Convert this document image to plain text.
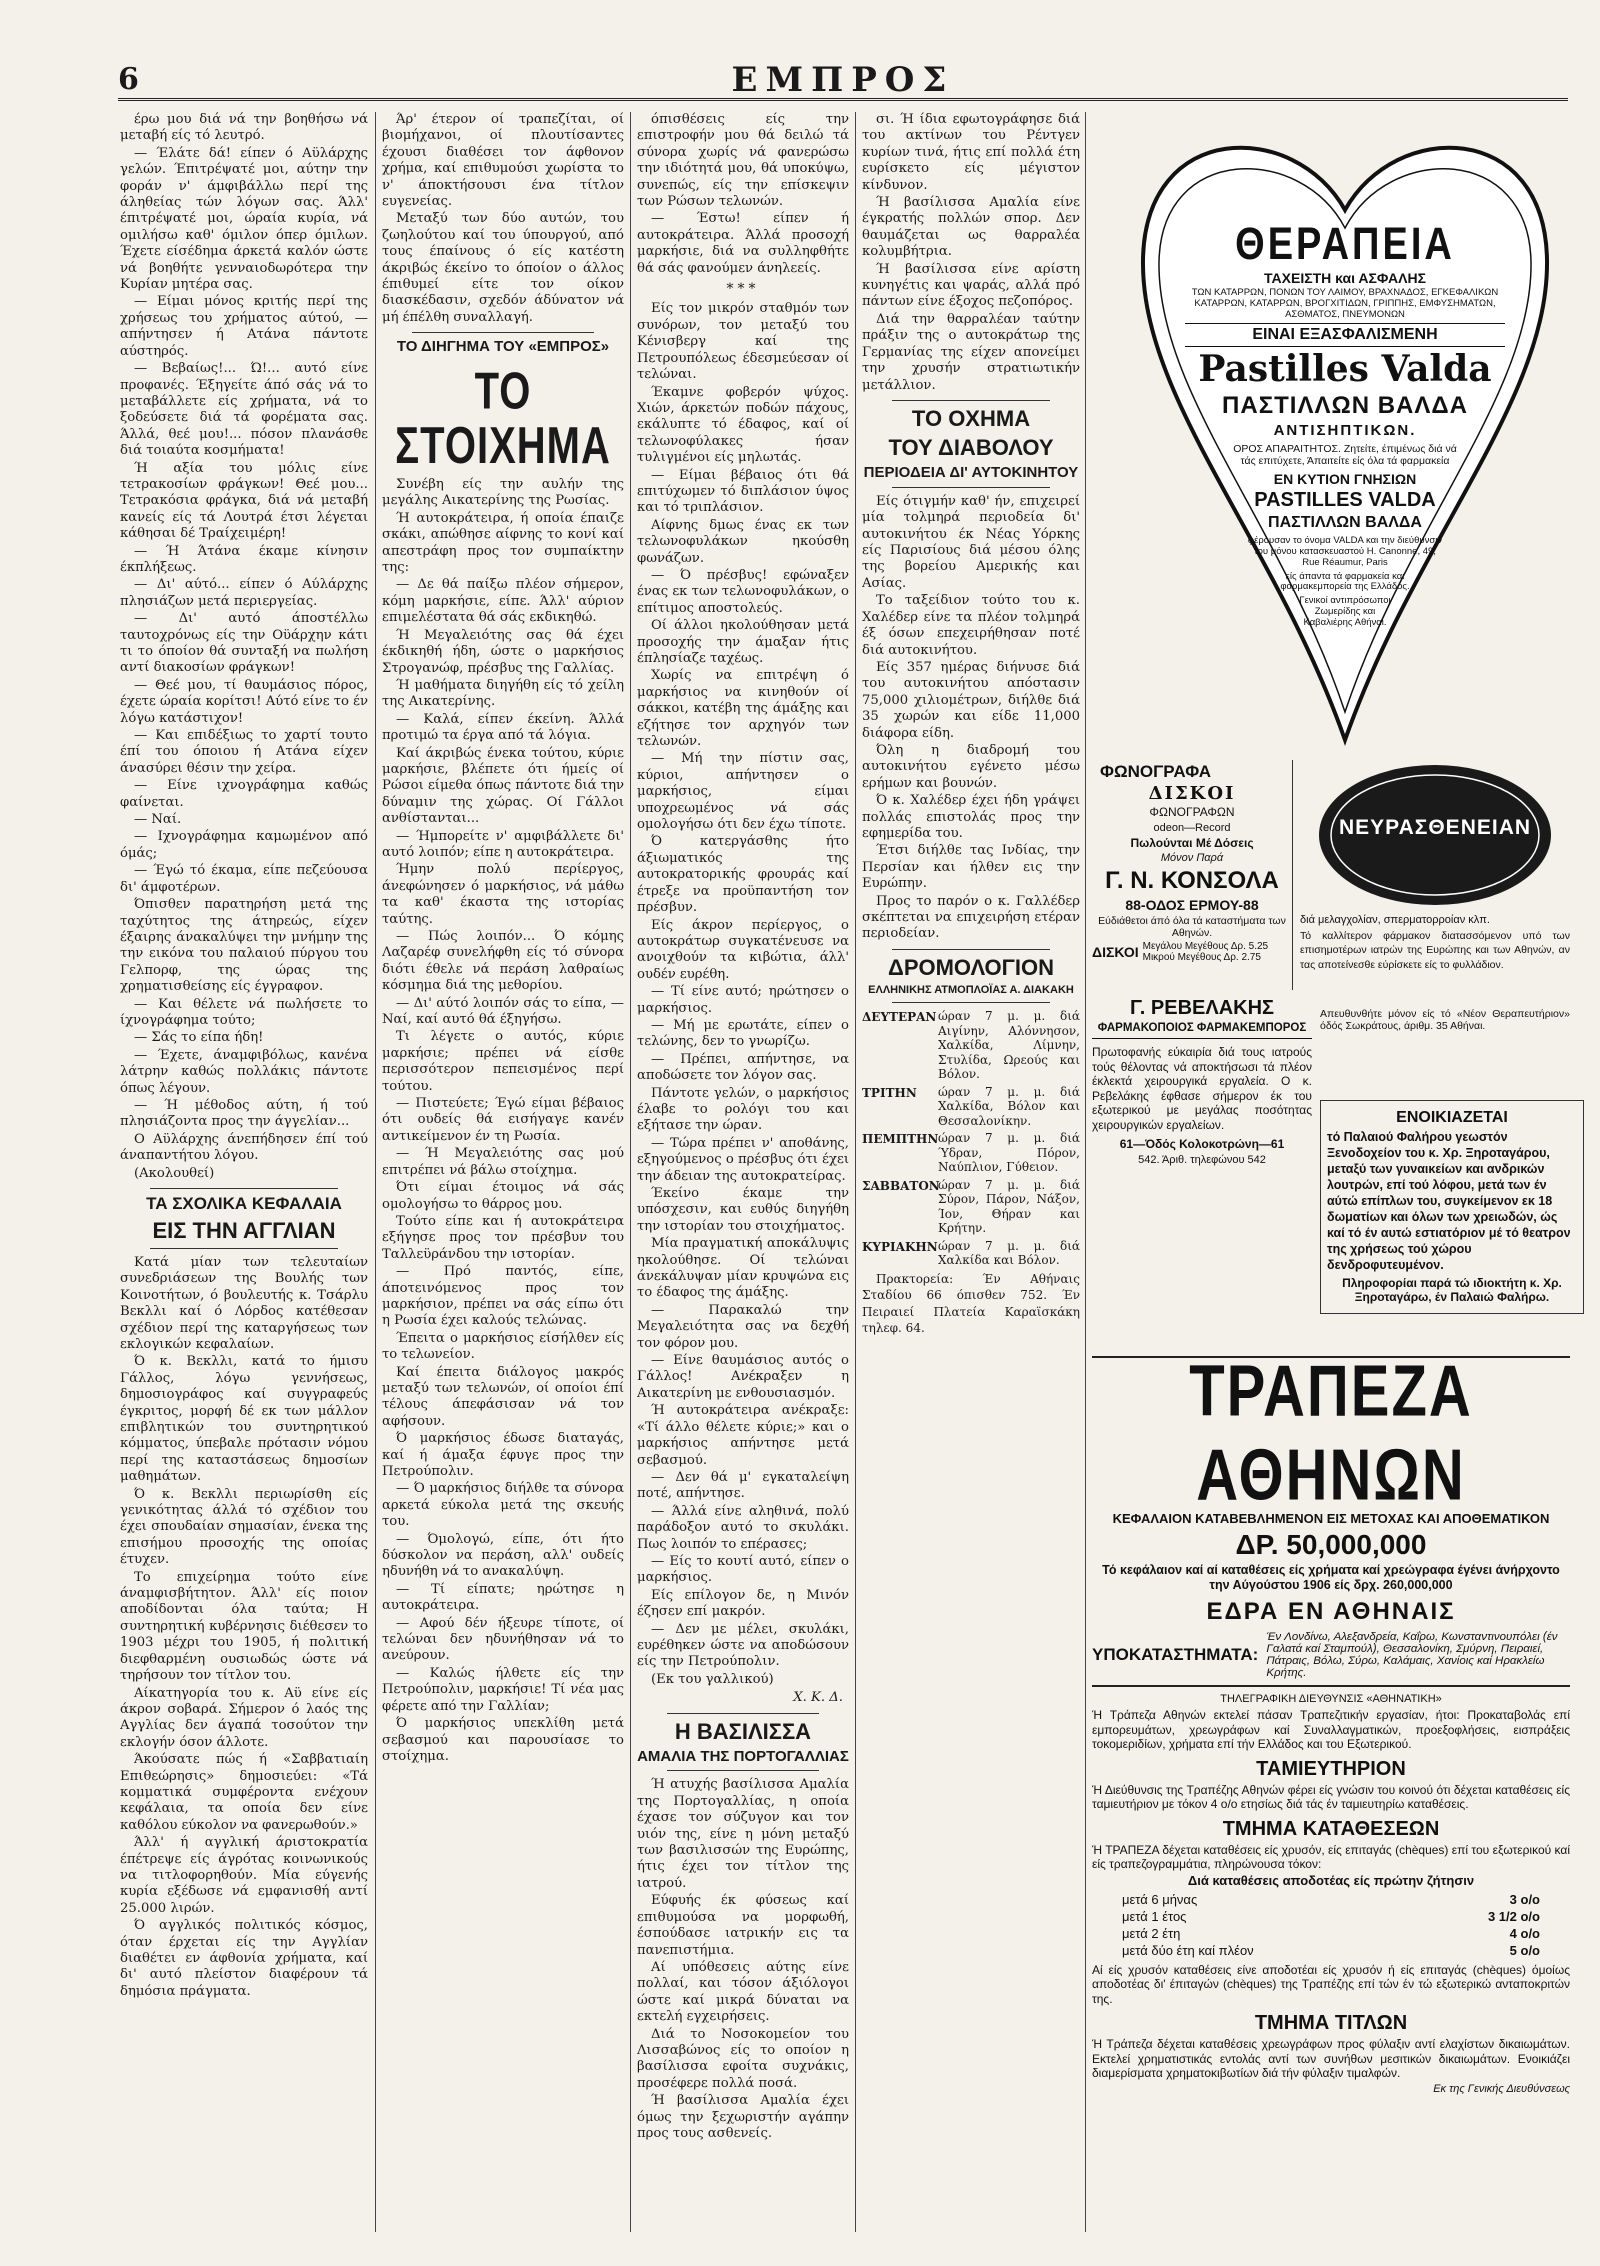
6	ΕΜΠΡΟΣ

έρω μου διά νά την βοηθήσω νά μεταβή είς τό λευτρό.

— Έλάτε δά! είπεν ό Αϋλάρχης γελών. Έπιτρέψατέ μοι, αύτην την φοράν ν' άμφιβάλλω περί της άληθείας τών λόγων σας. Άλλ' έπιτρέψατέ μοι, ώραία κυρία, νά ομιλήσω καθ' όμιλον όπερ όμιλων. Έχετε είσέδημα άρκετά καλόν ώστε νά βοηθήτε γενναιοδωρότερα την Κυρίαν μητέρα σας.

— Είμαι μόνος κριτής περί της χρήσεως του χρήματος αύτού, — απήντησεν ή Ατάνα πάντοτε αύστηρός.

— Βεβαίως!... Ώ!... αυτό είνε προφανές. Έξηγείτε άπό σάς νά το μεταβάλλετε είς χρήματα, νά το ξοδεύσετε διά τά φορέματα σας. Άλλά, θεέ μου!... πόσον πλανάσθε διά τοιαύτα κοσμήματα!

Ή αξία του μόλις είνε τετρακοσίων φράγκων! Θεέ μου... Τετρακόσια φράγκα, διά νά μεταβή κανείς είς τά Λουτρά έτσι λέγεται κάθησαι δέ Τραίχειμέρη!

— Ή Άτάνα έκαμε κίνησιν έκπλήξεως.

— Δι' αύτό... είπεν ό Αύλάρχης πλησιάζων μετά περιεργείας.

— Δι' αυτό άποστέλλω ταυτοχρόνως είς την Οϋάρχην κάτι τι το όποίον θά συνταξή να πωλήση αντί διακοσίων φράγκων!

— Θεέ μου, τί θαυμάσιος πόρος, έχετε ώραία κορίτσι! Αύτό είνε το έν λόγω κατάστιχον!

— Και επιδέξιως το χαρτί τουτο έπί του όποιου ή Ατάνα είχεν άνασύρει θέσιν την χείρα.

— Είνε ιχνογράφημα καθώς φαίνεται.

— Ναί.

— Ιχνογράφημα καμωμένον από όμάς;

— Έγώ τό έκαμα, είπε πεζεύουσα δι' άμφοτέρων.

Όπισθεν παρατηρήση μετά της ταχύτητος της άτηρεώς, είχεν έξαιρης άνακαλύψει την μνήμην της την εικόνα του παλαιού πύργου του Γελπορφ, της ώρας της χρηματισθείσης είς έγγραφον.

— Και θέλετε νά πωλήσετε το ίχνογράφημα τούτο;

— Σάς το είπα ήδη!

— Έχετε, άναμφιβόλως, κανένα λάτρην καθώς πολλάκις πάντοτε όπως λέγουν.

— Ή μέθοδος αύτη, ή τού πλησιάζοντα προς την άγγελίαν...

Ο Αϋλάρχης άνεπήδησεν έπί τού άναπαντήτου λόγου.

(Ακολουθεί)

ΤΑ ΣΧΟΛΙΚΑ ΚΕΦΑΛΑΙΑ
ΕΙΣ ΤΗΝ ΑΓΓΛΙΑΝ

Κατά μίαν των τελευταίων συνεδριάσεων της Βουλής των Κοινοτήτων, ό βουλευτής κ. Τσάρλυ Βεκλλι καί ό Λόρδος κατέθεσαν σχέδιον περί της καταργήσεως των εκλογικών κεφαλαίων.

Ό κ. Βεκλλι, κατά το ήμισυ Γάλλος, λόγω γεννήσεως, δημοσιογράφος καί συγγραφεύς έγκριτος, μορφή δέ εκ των μάλλον επιβλητικών του συντηρητικού κόμματος, ύπεβαλε πρότασιν νόμου περί της καταστάσεως δημοσίων μαθημάτων.

Ό κ. Βεκλλι περιωρίσθη είς γενικότητας άλλά τό σχέδιον του έχει σπουδαίαν σημασίαν, ένεκα της επισήμου προσοχής της οποίας έτυχεν.

Το επιχείρημα τούτο είνε άναμφισβήτητον. Άλλ' είς ποιον αποδίδονται όλα ταύτα; Η συντηρητική κυβέρνησις διέθεσεν το 1903 μέχρι του 1905, ή πολιτική διεφθαρμένη ουσιωδώς ώστε νά τηρήσουν τον τίτλον του.

Αίκατηγορία του κ. Αϋ είνε είς άκρον σοβαρά. Σήμερον ό λαός της Αγγλίας δεν άγαπά τοσούτον την εκλογήν όσον άλλοτε.

Άκούσατε πώς ή «Σαββατιαίη Επιθεώρησις» δημοσιεύει: «Τά κομματικά συμφέροντα ενέχουν κεφάλαια, τα οποία δεν είνε καθόλου εύκολον να φανερωθούν.»

Άλλ' ή αγγλική άριστοκρατία έπέτρεψε είς άγρότας κοινωνικούς να τιτλοφορηθούν. Μία εύγενής κυρία εξέδωσε νά εμφανισθή αντί 25.000 λιρών.

Ό αγγλικός πολιτικός κόσμος, όταν έρχεται είς την Αγγλίαν διαθέτει εν άφθονία χρήματα, καί δι' αυτό πλείστον διαφέρουν τά δημόσια πράγματα.

Άρ' έτερον οί τραπεζίται, οί βιομήχανοι, οί πλουτίσαντες έχουσι διαθέσει τον άφθονον χρήμα, καί επιθυμούσι χωρίστα το ν' άποκτήσουσι ένα τίτλον ευγενείας.

Μεταξύ των δύο αυτών, του ζωηλούτου καί του ύπουργού, από τους έπαίνους ό είς κατέστη άκριβώς έκείνο το όποίον ο άλλος έπιθυμεί είτε τον οίκον διασκέδασιν, σχεδόν άδύνατον νά μή έπέλθη συναλλαγή.

ΤΟ ΔΙΗΓΗΜΑ ΤΟΥ «ΕΜΠΡΟΣ»
ΤΟ ΣΤΟΙΧΗΜΑ

Συνέβη είς την αυλήν της μεγάλης Αικατερίνης της Ρωσίας.

Ή αυτοκράτειρα, ή οποία έπαιζε σκάκι, απώθησε αίφνης το κονί καί απεστράφη προς τον συμπαίκτην της:

— Δε θά παίξω πλέον σήμερον, κόμη μαρκήσιε, είπε. Άλλ' αύριον επιμελέστατα θά σάς εκδικηθώ.

Ή Μεγαλειότης σας θά έχει έκδικηθή ήδη, ώστε ο μαρκήσιος Στρογανώφ, πρέσβυς της Γαλλίας.

Ή μαθήματα διηγήθη είς τό χείλη της Αικατερίνης.

— Καλά, είπεν έκείνη. Άλλά προτιμώ τα έργα από τά λόγια.

Καί άκριβώς ένεκα τούτου, κύριε μαρκήσιε, βλέπετε ότι ήμείς οί Ρώσοι είμεθα όπως πάντοτε διά την δύναμιν της χώρας. Οί Γάλλοι ανθίστανται...

— Ήμπορείτε ν' αμφιβάλλετε δι' αυτό λοιπόν; είπε η αυτοκράτειρα.

Ήμην πολύ περίεργος, άνεφώνησεν ό μαρκήσιος, νά μάθω τα καθ' έκαστα της ιστορίας ταύτης.

— Πώς λοιπόν... Ό κόμης Λαζαρέφ συνελήφθη είς τό σύνορα διότι έθελε νά περάση λαθραίως κόσμημα διά της μεθορίου.

— Δι' αύτό λοιπόν σάς το είπα, — Ναί, καί αυτό θά έξηγήσω.

Τι λέγετε ο αυτός, κύριε μαρκήσιε; πρέπει νά είσθε περισσότερον πεπεισμένος περί τούτου.

— Πιστεύετε; Έγώ είμαι βέβαιος ότι ουδείς θά εισήγαγε κανέν αντικείμενον έν τη Ρωσία.

— Ή Μεγαλειότης σας μού επιτρέπει νά βάλω στοίχημα.

Ότι είμαι έτοιμος νά σάς ομολογήσω το θάρρος μου.

Τούτο είπε και ή αυτοκράτειρα εξήγησε προς τον πρέσβυν του Ταλλεϋράνδου την ιστορίαν.

— Πρό παντός, είπε, άποτεινόμενος προς τον μαρκήσιον, πρέπει να σάς είπω ότι η Ρωσία έχει καλούς τελώνας.

Έπειτα ο μαρκήσιος είσήλθεν είς το τελωνείον.

Καί έπειτα διάλογος μακρός μεταξύ των τελωνών, οί οποίοι έπί τέλους άπεφάσισαν νά τον αφήσουν.

Ό μαρκήσιος έδωσε διαταγάς, καί ή άμαξα έφυγε προς την Πετρούπολιν.

— Ό μαρκήσιος διήλθε τα σύνορα αρκετά εύκολα μετά της σκευής του.

— Όμολογώ, είπε, ότι ήτο δύσκολον να περάση, αλλ' ουδείς ηδυνήθη νά το ανακαλύψη.

— Τί είπατε; ηρώτησε η αυτοκράτειρα.

— Αφού δέν ήξευρε τίποτε, οί τελώναι δεν ηδυνήθησαν νά το ανεύρουν.

— Καλώς ήλθετε είς την Πετρούπολιν, μαρκήσιε! Τί νέα μας φέρετε από την Γαλλίαν;

Ό μαρκήσιος υπεκλίθη μετά σεβασμού και παρουσίασε το στοίχημα.

όπισθέσεις είς την επιστροφήν μου θά δειλώ τά σύνορα χωρίς νά φανερώσω την ιδιότητά μου, θά υποκύψω, συνεπώς, είς την επίσκεψιν των Ρώσων τελωνών.

— Έστω! είπεν ή αυτοκράτειρα. Άλλά προσοχή μαρκήσιε, διά να συλληφθήτε θά σάς φανούμεν άνηλεείς.

***

Είς τον μικρόν σταθμόν των συνόρων, τον μεταξύ του Κένισβεργ καί της Πετρουπόλεως έδεσμεύεσαν οί τελώναι.

Έκαμνε φοβερόν ψύχος. Χιών, άρκετών ποδών πάχους, εκάλυπτε τό έδαφος, καί οί τελωνοφύλακες ήσαν τυλιγμένοι είς μηλωτάς.

— Είμαι βέβαιος ότι θά επιτύχωμεν τό διπλάσιον ύψος και τό τριπλάσιον.

Αίφνης δμως ένας εκ των τελωνοφυλάκων ηκούσθη φωνάζων.

— Ό πρέσβυς! εφώναξεν ένας εκ των τελωνοφυλάκων, ο επίτιμος αποστολεύς.

Οί άλλοι ηκολούθησαν μετά προσοχής την άμαξαν ήτις έπλησίαζε ταχέως.

Χωρίς να επιτρέψη ό μαρκήσιος να κινηθούν οί σάκκοι, κατέβη της άμάξης και εζήτησε τον αρχηγόν των τελωνών.

— Μή την πίστιν σας, κύριοι, απήντησεν ο μαρκήσιος, είμαι υποχρεωμένος νά σάς ομολογήσω ότι δεν έχω τίποτε.

Ό κατεργάσθης ήτο άξιωματικός της αυτοκρατορικής φρουράς καί έτρεξε να προϋπαντήση τον πρέσβυν.

Είς άκρον περίεργος, ο αυτοκράτωρ συγκατένευσε να ανοιχθούν τα κιβώτια, άλλ' ουδέν ευρέθη.

— Τί είνε αυτό; ηρώτησεν ο μαρκήσιος.

— Μή με ερωτάτε, είπεν ο τελώνης, δεν το γνωρίζω.

— Πρέπει, απήντησε, να αποδώσετε τον λόγον σας.

Πάντοτε γελών, ο μαρκήσιος έλαβε το ρολόγι του και εξήτασε την ώραν.

— Τώρα πρέπει ν' αποθάνης, εξηγούμενος ο πρέσβυς ότι έχει την άδειαν της αυτοκρατείρας.

Έκείνο έκαμε την υπόσχεσιν, και ευθύς διηγήθη την ιστορίαν του στοιχήματος.

Μία πραγματική αποκάλυψις ηκολούθησε. Οί τελώναι άνεκάλυψαν μίαν κρυψώνα εις το έδαφος της άμάξης.

— Παρακαλώ την Μεγαλειότητα σας να δεχθή τον φόρον μου.

— Είνε θαυμάσιος αυτός ο Γάλλος! Ανέκραξεν η Αικατερίνη με ενθουσιασμόν.

Ή αυτοκράτειρα ανέκραξε: «Τί άλλο θέλετε κύριε;» και ο μαρκήσιος απήντησε μετά σεβασμού.

— Δεν θά μ' εγκαταλείψη ποτέ, απήντησε.

— Άλλά είνε αληθινά, πολύ παράδοξον αυτό το σκυλάκι. Πως λοιπόν το επέρασες;

— Είς το κουτί αυτό, είπεν ο μαρκήσιος.

Είς επίλογον δε, η Μινόν έζησεν επί μακρόν.

— Δεν με μέλει, σκυλάκι, ευρέθηκεν ώστε να αποδώσουν είς την Πετρούπολιν.

(Εκ του γαλλικού)

Χ. Κ. Δ.
Η ΒΑΣΙΛΙΣΣΑ
ΑΜΑΛΙΑ ΤΗΣ ΠΟΡΤΟΓΑΛΛΙΑΣ

Ή ατυχής βασίλισσα Αμαλία της Πορτογαλλίας, η οποία έχασε τον σύζυγον και τον υιόν της, είνε η μόνη μεταξύ των βασιλισσών της Ευρώπης, ήτις έχει τον τίτλον της ιατρού.

Εύφυής έκ φύσεως καί επιθυμούσα να μορφωθή, έσπούδασε ιατρικήν εις τα πανεπιστήμια.

Αί υπόθεσεις αύτης είνε πολλαί, και τόσον άξιόλογοι ώστε καί μικρά δύναται να εκτελή εγχειρήσεις.

Διά το Νοσοκομείον του Λισσαβώνος είς το οποίον η βασίλισσα εφοίτα συχνάκις, προσέφερε πολλά ποσά.

Ή βασίλισσα Αμαλία έχει όμως την ξεχωριστήν αγάπην προς τους ασθενείς.

σι. Ή ίδια εφωτογράφησε διά του ακτίνων του Ρέντγεν κυρίων τινά, ήτις επί πολλά έτη ευρίσκετο είς μέγιστον κίνδυνον.

Ή βασίλισσα Αμαλία είνε έγκρατής πολλών σπορ. Δεν θαυμάζεται ως θαρραλέα κολυμβήτρια.

Ή βασίλισσα είνε αρίστη κυνηγέτις και ψαράς, αλλά πρό πάντων είνε έξοχος πεζοπόρος.

Διά την θαρραλέαν ταύτην πράξιν της ο αυτοκράτωρ της Γερμανίας της είχεν απονείμει την χρυσήν στρατιωτικήν μετάλλιον.

ΤΟ ΟΧΗΜΑ
ΤΟΥ ΔΙΑΒΟΛΟΥ
ΠΕΡΙΟΔΕΙΑ ΔΙ' ΑΥΤΟΚΙΝΗΤΟΥ

Είς ότιγμήν καθ' ήν, επιχειρεί μία τολμηρά περιοδεία δι' αυτοκινήτου έκ Νέας Υόρκης είς Παρισίους διά μέσου όλης της βορείου Αμερικής και Ασίας.

Το ταξείδιον τούτο του κ. Χαλέδερ είνε τα πλέον τολμηρά έξ όσων επεχειρήθησαν ποτέ διά αυτοκινήτου.

Είς 357 ημέρας διήνυσε διά του αυτοκινήτου απόστασιν 75,000 χιλιομέτρων, διήλθε διά 35 χωρών και είδε 11,000 διάφορα είδη.

Όλη η διαδρομή του αυτοκινήτου εγένετο μέσω ερήμων και βουνών.

Ό κ. Χαλέδερ έχει ήδη γράψει πολλάς επιστολάς προς την εφημερίδα του.

Έτσι διήλθε τας Ινδίας, την Περσίαν και ήλθεν εις την Ευρώπην.

Προς το παρόν ο κ. Γαλλέδερ σκέπτεται να επιχειρήση ετέραν περιοδείαν.

ΔΡΟΜΟΛΟΓΙΟΝ
ΕΛΛΗΝΙΚΗΣ ΑΤΜΟΠΛΟΪΑΣ Α. ΔΙΑΚΑΚΗ
ΔΕΥΤΕΡΑΝ ώραν 7 μ. μ. διά Αιγίνην, Αλόννησον, Χαλκίδα, Λίμνην, Στυλίδα, Ωρεούς και Βόλον.
ΤΡΙΤΗΝ	ώραν 7 μ. μ. διά Χαλκίδα, Βόλον και Θεσσαλονίκην.
ΠΕΜΠΤΗΝ ώραν 7 μ. μ. διά Ύδραν, Πόρον, Ναύπλιον, Γύθειον.
ΣΑΒΒΑΤΟΝ
ώραν 7 μ. μ. διά Σύρον, Πάρον, Νάξον, Ίον, Θήραν και Κρήτην.
ΚΥΡΙΑΚΗΝ ώραν 7 μ. μ. διά Χαλκίδα και Βόλον.

Πρακτορεία: Έν Αθήναις Σταδίου 66 όπισθεν 752. Έν Πειραιεί Πλατεία Καραϊσκάκη τηλεφ. 64.

ΘΕΡΑΠΕΙΑ
ΤΑΧΕΙΣΤΗ και ΑΣΦΑΛΗΣ
ΤΩΝ ΚΑΤΑΡΡΩΝ, ΠΟΝΩΝ ΤΟΥ ΛΑΙΜΟΥ, ΒΡΑΧΝΑΔΟΣ, ΕΓΚΕΦΑΛΙΚΩΝ ΚΑΤΑΡΡΩΝ, ΚΑΤΑΡΡΩΝ, ΒΡΟΓΧΙΤΙΔΩΝ, ΓΡΙΠΠΗΣ, ΕΜΦΥΣΗΜΑΤΩΝ, ΑΣΘΜΑΤΟΣ, ΠΝΕΥΜΟΝΩΝ
ΕΙΝΑΙ ΕΞΑΣΦΑΛΙΣΜΕΝΗ
Pastilles Valda
ΠΑΣΤΙΛΛΩΝ ΒΑΛΔΑ
ΑΝΤΙΣΗΠΤΙΚΩΝ.
ΟΡΟΣ ΑΠΑΡΑΙΤΗΤΟΣ. Ζητείτε, έπιμένως διά νά τάς επιτύχετε, Άπαιτείτε είς όλα τά φαρμακεία
ΕΝ ΚΥΤΙΟΝ ΓΝΗΣΙΩΝ
PASTILLES VALDA
ΠΑΣΤΙΛΛΩΝ ΒΑΛΔΑ
φέρουσαν το όνομα VALDA και την διεύθυνσιν του μόνου κατασκευαστού H. Canonne, 49, Rue Réaumur, Paris
είς άπαντα τά φαρμακεία και φαρμακεμπορεία της Ελλάδος.
Γενικοί αντιπρόσωποι Ζωμερίδης και Καβαλιέρης Αθήναι.
ΦΩΝΟΓΡΑΦΑ
ΔΙΣΚΟΙ
ΦΩΝΟΓΡΑΦΩΝ
odeon—Record
Πωλούνται Μέ Δόσεις
Μόνον Παρά
Γ. Ν. ΚΟΝΣΟΛΑ
88-ΟΔΟΣ ΕΡΜΟΥ-88
Εύδιάθετοι άπό όλα τά καταστήματα των Αθηνών.
ΔΙΣΚΟΙ Μεγάλου Μεγέθους Δρ. 5.25
Μικρού Μεγέθους Δρ. 2.75
ΝΕΥΡΑΣΘΕΝΕΙΑΝ
διά μελαγχολίαν, σπερματορροίαν κλπ.
Τό καλλίτερον φάρμακον διατασσόμενον υπό των επισημοτέρων ιατρών της Ευρώπης και των Αθηνών, αν τας αποτείνεσθε εύρίσκετε είς το φυλλάδιον.
Απευθυνθήτε μόνον είς τό «Νέον Θεραπευτήριον» όδός Σωκράτους, άριθμ. 35 Αθήναι.
Γ. ΡΕΒΕΛΑΚΗΣ
ΦΑΡΜΑΚΟΠΟΙΟΣ ΦΑΡΜΑΚΕΜΠΟΡΟΣ
Πρωτοφανής εύκαιρία διά τους ιατρούς τούς θέλοντας νά αποκτήσωσι τά πλέον έκλεκτά χειρουργικά εργαλεία. Ο κ. Ρεβελάκης έφθασε σήμερον έκ του εξωτερικού με μεγάλας ποσότητας χειρουργικών εργαλείων.
61—Όδός Κολοκοτρώνη—61
542. Άριθ. τηλεφώνου 542
ΕΝΟΙΚΙΑΖΕΤΑΙ
τό Παλαιού Φαλήρου γεωστόν Ξενοδοχείον του κ. Χρ. Ξηροταγάρου, μεταξύ των γυναικείων και ανδρικών λουτρών, επί τού λόφου, μετά των έν αύτώ επίπλων του, συγκείμενον εκ 18 δωματίων και όλων των χρειωδών, ώς καί τό έν αυτώ εστιατόριον μέ τό θεατρον της χρήσεως τού χώρου δενδροφυτευμένον.
Πληροφορίαι παρά τώ ιδιοκτήτη κ. Χρ. Ξηροταγάρω, έν Παλαιώ Φαλήρω.
ΤΡΑΠΕΖΑ ΑΘΗΝΩΝ
ΚΕΦΑΛΑΙΟΝ ΚΑΤΑΒΕΒΛΗΜΕΝΟΝ ΕΙΣ ΜΕΤΟΧΑΣ ΚΑΙ ΑΠΟΘΕΜΑΤΙΚΟΝ
ΔΡ. 50,000,000
Τό κεφάλαιον καί αί καταθέσεις είς χρήματα καί χρεώγραφα έγένει άνήρχοντο την Αύγούστου 1906 είς δρχ. 260,000,000
ΕΔΡΑ ΕΝ ΑΘΗΝΑΙΣ
ΥΠΟΚΑΤΑΣΤΗΜΑΤΑ:
Έν Λονδίνω, Αλεξανδρεία, Καΐρω, Κωνσταντινουπόλει (έν Γαλατά καί Σταμπούλ), Θεσσαλονίκη, Σμύρνη, Πειραιεί, Πάτραις, Βόλω, Σύρω, Καλάμαις, Χανίοις καί Ηρακλείω Κρήτης.
ΤΗΛΕΓΡΑΦΙΚΗ ΔΙΕΥΘΥΝΣΙΣ «ΑΘΗΝΑΤΙΚΗ»
Ή Τράπεζα Αθηνών εκτελεί πάσαν Τραπεζιτικήν εργασίαν, ήτοι: Προκαταβολάς επί εμπορευμάτων, χρεωγράφων καί Συναλλαγματικών, προεξοφλήσεις, εισπράξεις τοκομεριδίων, χρήματα επί τήν Ελλάδος και του Εξωτερικού.
ΤΑΜΙΕΥΤΗΡΙΟΝ
Ή Διεύθυνσις της Τραπέζης Αθηνών φέρει είς γνώσιν του κοινού ότι δέχεται καταθέσεις είς ταμιευτήριον με τόκον 4 ο/ο ετησίως διά τάς έν ταμιευτηρίω καταθέσεις.
ΤΜΗΜΑ ΚΑΤΑΘΕΣΕΩΝ
Ή ΤΡΑΠΕΖΑ δέχεται καταθέσεις είς χρυσόν, είς επιταγάς (chèques) επί του εξωτερικού καί είς τραπεζογραμμάτια, πληρώνουσα τόκον:
Διά καταθέσεις αποδοτέας είς πρώτην ζήτησιν
μετά 6 μήνας	3 ο/ο
μετά 1 έτος	3 1/2 ο/ο
μετά 2 έτη	4 ο/ο
μετά δύο έτη καί πλέον	5 ο/ο
Αί είς χρυσόν καταθέσεις είνε αποδοτέαι είς χρυσόν ή είς επιταγάς (chèques) όμοίως αποδοτέας δι' έπιταγών (chèques) της Τραπέζης επί τών έν τώ εξωτερικώ ανταποκριτών της.
ΤΜΗΜΑ ΤΙΤΛΩΝ
Ή Τράπεζα δέχεται καταθέσεις χρεωγράφων προς φύλαξιν αντί ελαχίστων δικαιωμάτων. Εκτελεί χρηματιστικάς εντολάς αντί των συνήθων μεσιτικών δικαιωμάτων. Ενοικιάζει διαμερίσματα χρηματοκιβωτίων διά τήν φύλαξιν τιμαλφών.
Εκ της Γενικής Διευθύνσεως
